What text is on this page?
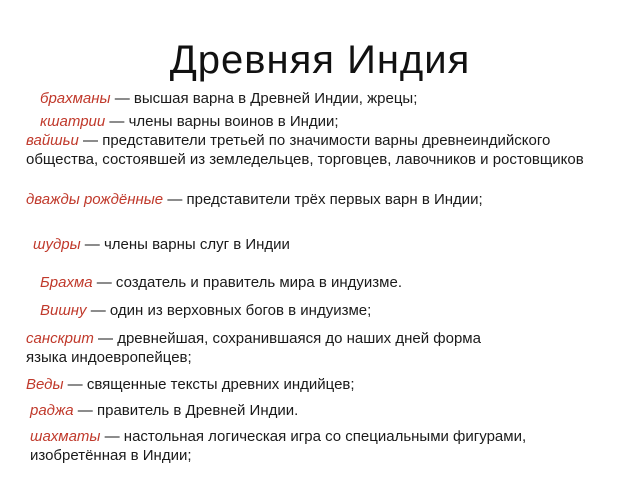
Древняя Индия
брахманы — высшая варна в Древней Индии, жрецы;
кшатрии — члены варны воинов в Индии;
вайшьи — представители третьей по значимости варны древнеиндийского общества, состоявшей из земледельцев, торговцев, лавочников и ростовщиков
дважды рождённые — представители трёх первых варн в Индии;
шудры — члены варны слуг в Индии
Брахма — создатель и правитель мира в индуизме.
Вишну — один из верховных богов в индуизме;
санскрит — древнейшая, сохранившаяся до наших дней форма языка индоевропейцев;
Веды — священные тексты древних индийцев;
раджа — правитель в Древней Индии.
шахматы — настольная логическая игра со специальными фигурами, изобретённая в Индии;
